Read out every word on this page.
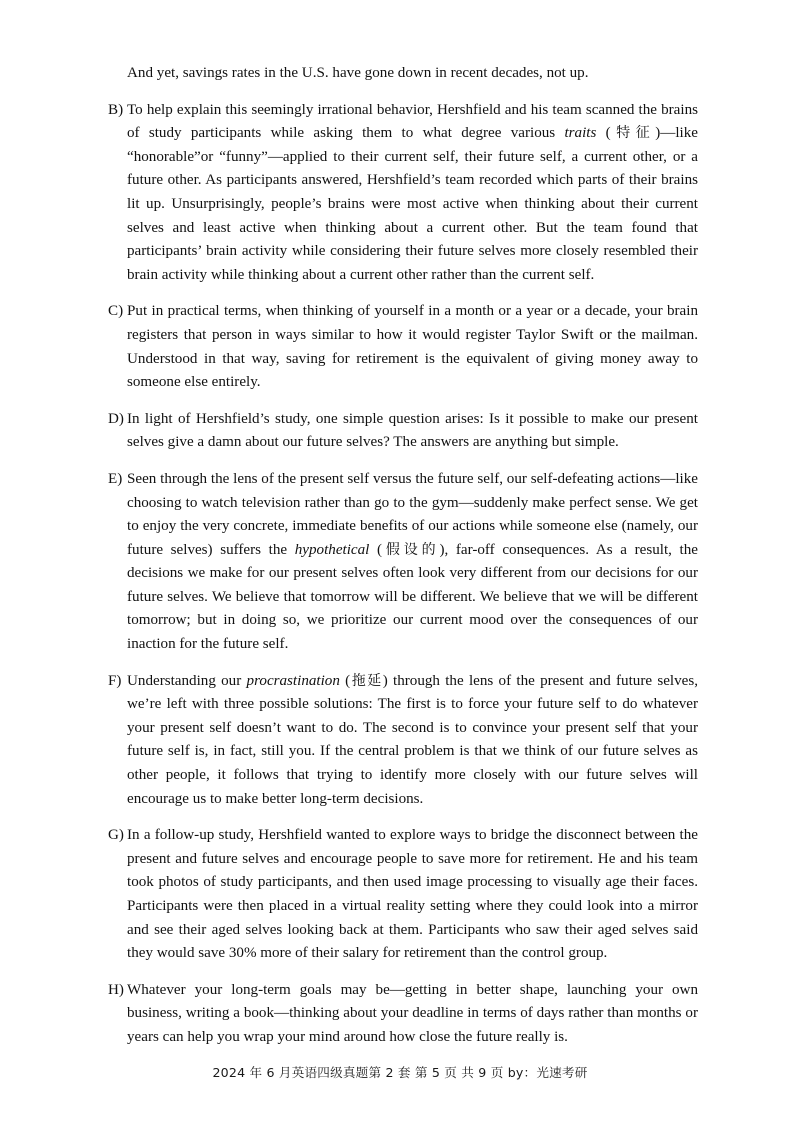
And yet, savings rates in the U.S. have gone down in recent decades, not up.
B) To help explain this seemingly irrational behavior, Hershfield and his team scanned the brains of study participants while asking them to what degree various traits (特征)—like “honorable”or “funny”—applied to their current self, their future self, a current other, or a future other. As participants answered, Hershfield’s team recorded which parts of their brains lit up. Unsurprisingly, people’s brains were most active when thinking about their current selves and least active when thinking about a current other. But the team found that participants’ brain activity while considering their future selves more closely resembled their brain activity while thinking about a current other rather than the current self.
C) Put in practical terms, when thinking of yourself in a month or a year or a decade, your brain registers that person in ways similar to how it would register Taylor Swift or the mailman. Understood in that way, saving for retirement is the equivalent of giving money away to someone else entirely.
D) In light of Hershfield’s study, one simple question arises: Is it possible to make our present selves give a damn about our future selves? The answers are anything but simple.
E) Seen through the lens of the present self versus the future self, our self-defeating actions—like choosing to watch television rather than go to the gym—suddenly make perfect sense. We get to enjoy the very concrete, immediate benefits of our actions while someone else (namely, our future selves) suffers the hypothetical (假设的), far-off consequences. As a result, the decisions we make for our present selves often look very different from our decisions for our future selves. We believe that tomorrow will be different. We believe that we will be different tomorrow; but in doing so, we prioritize our current mood over the consequences of our inaction for the future self.
F) Understanding our procrastination (拖延) through the lens of the present and future selves, we’re left with three possible solutions: The first is to force your future self to do whatever your present self doesn’t want to do. The second is to convince your present self that your future self is, in fact, still you. If the central problem is that we think of our future selves as other people, it follows that trying to identify more closely with our future selves will encourage us to make better long-term decisions.
G) In a follow-up study, Hershfield wanted to explore ways to bridge the disconnect between the present and future selves and encourage people to save more for retirement. He and his team took photos of study participants, and then used image processing to visually age their faces. Participants were then placed in a virtual reality setting where they could look into a mirror and see their aged selves looking back at them. Participants who saw their aged selves said they would save 30% more of their salary for retirement than the control group.
H) Whatever your long-term goals may be—getting in better shape, launching your own business, writing a book—thinking about your deadline in terms of days rather than months or years can help you wrap your mind around how close the future really is.
2024 年 6 月英语四级真题第 2 套 第 5 页 共 9 页 by：光速考研
